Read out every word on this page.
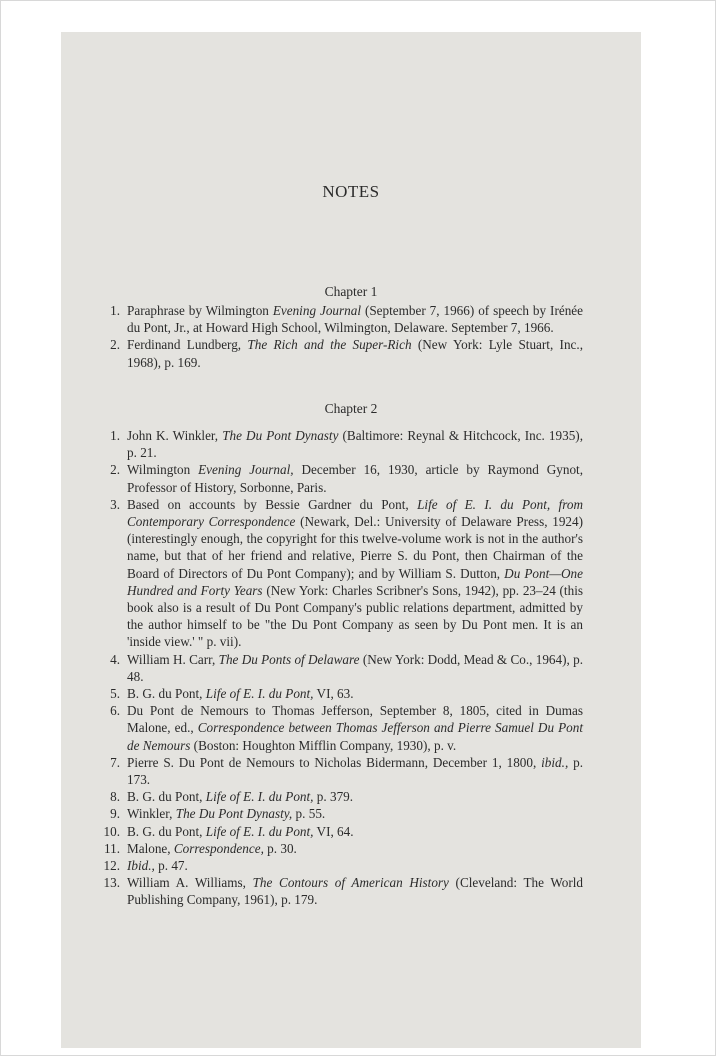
NOTES
Chapter 1
1. Paraphrase by Wilmington Evening Journal (September 7, 1966) of speech by Irénée du Pont, Jr., at Howard High School, Wilmington, Delaware. September 7, 1966.
2. Ferdinand Lundberg, The Rich and the Super-Rich (New York: Lyle Stuart, Inc., 1968), p. 169.
Chapter 2
1. John K. Winkler, The Du Pont Dynasty (Baltimore: Reynal & Hitchcock, Inc. 1935), p. 21.
2. Wilmington Evening Journal, December 16, 1930, article by Raymond Gynot, Professor of History, Sorbonne, Paris.
3. Based on accounts by Bessie Gardner du Pont, Life of E. I. du Pont, from Contemporary Correspondence (Newark, Del.: University of Delaware Press, 1924) (interestingly enough, the copyright for this twelve-volume work is not in the author's name, but that of her friend and relative, Pierre S. du Pont, then Chairman of the Board of Directors of Du Pont Company); and by William S. Dutton, Du Pont—One Hundred and Forty Years (New York: Charles Scribner's Sons, 1942), pp. 23–24 (this book also is a result of Du Pont Company's public relations department, admitted by the author himself to be "the Du Pont Company as seen by Du Pont men. It is an 'inside view.' " p. vii).
4. William H. Carr, The Du Ponts of Delaware (New York: Dodd, Mead & Co., 1964), p. 48.
5. B. G. du Pont, Life of E. I. du Pont, VI, 63.
6. Du Pont de Nemours to Thomas Jefferson, September 8, 1805, cited in Dumas Malone, ed., Correspondence between Thomas Jefferson and Pierre Samuel Du Pont de Nemours (Boston: Houghton Mifflin Company, 1930), p. v.
7. Pierre S. Du Pont de Nemours to Nicholas Bidermann, December 1, 1800, ibid., p. 173.
8. B. G. du Pont, Life of E. I. du Pont, p. 379.
9. Winkler, The Du Pont Dynasty, p. 55.
10. B. G. du Pont, Life of E. I. du Pont, VI, 64.
11. Malone, Correspondence, p. 30.
12. Ibid., p. 47.
13. William A. Williams, The Contours of American History (Cleveland: The World Publishing Company, 1961), p. 179.
